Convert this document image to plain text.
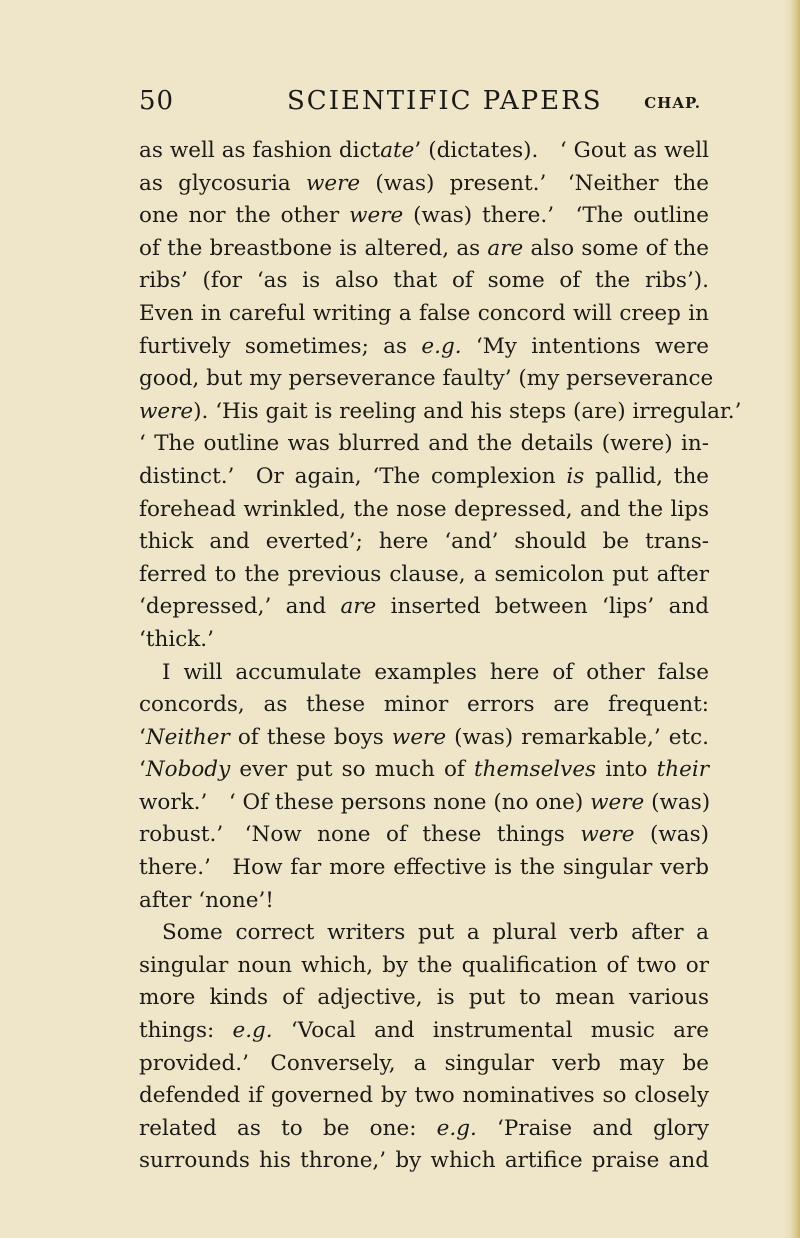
50	SCIENTIFIC PAPERS	CHAP.
as well as fashion dictate’ (dictates). ‘ Gout as well
as glycosuria were (was) present.’ ‘Neither the
one nor the other were (was) there.’ ‘The outline
of the breastbone is altered, as are also some of the
ribs’ (for ‘as is also that of some of the ribs’).
Even in careful writing a false concord will creep in
furtively sometimes; as e.g. ‘My intentions were
good, but my perseverance faulty’ (my perseverance
were). ‘His gait is reeling and his steps (are) irregular.’
‘ The outline was blurred and the details (were) in-
distinct.’ Or again, ‘The complexion is pallid, the
forehead wrinkled, the nose depressed, and the lips
thick and everted’; here ‘and’ should be trans-
ferred to the previous clause, a semicolon put after
‘depressed,’ and are inserted between ‘lips’ and
‘thick.’
I will accumulate examples here of other false
concords, as these minor errors are frequent:
‘Neither of these boys were (was) remarkable,’ etc.
‘Nobody ever put so much of themselves into their
work.’ ‘ Of these persons none (no one) were (was)
robust.’ ‘Now none of these things were (was)
there.’ How far more effective is the singular verb
after ‘none’!
Some correct writers put a plural verb after a
singular noun which, by the qualification of two or
more kinds of adjective, is put to mean various
things: e.g. ‘Vocal and instrumental music are
provided.’ Conversely, a singular verb may be
defended if governed by two nominatives so closely
related as to be one: e.g. ‘Praise and glory
surrounds his throne,’ by which artifice praise and
